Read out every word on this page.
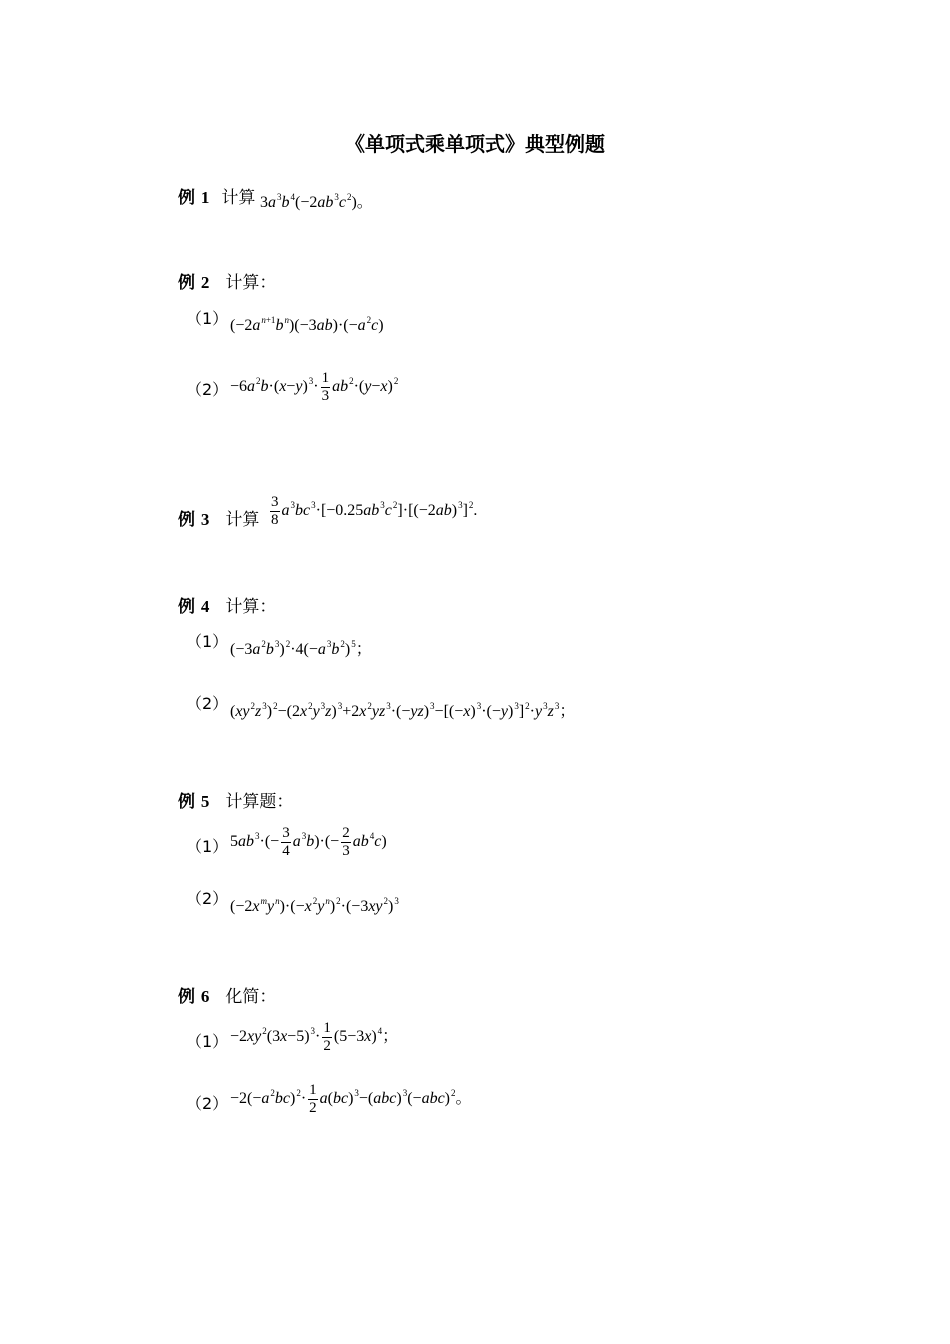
《单项式乘单项式》典型例题
例 1 计算 $3a^3b^4(-2ab^3c^2)$。
例 2 计算：
（1） $(-2a^{n+1}b^n)(-3ab)\cdot(-a^2c)$
$(2) -6a^2b\cdot(x-y)^3\cdot \frac{1}{3} ab^2\cdot(y-x)^2$
例 3 计算 $\frac{3}{8} a^3bc^3\cdot[-0.25ab^3c^2]\cdot[(-2ab)^3]^2$.
例 4 计算：
（1） $(-3a^2b^3)^2\cdot 4(-a^3b^2)^5$；
（2） $(xy^2z^3)^2-(2x^2y^3z)^3+2x^2yz^3\cdot(-yz)^3-[(-x)^3\cdot(-y)^3]^2\cdot y^3z^3$；
例 5 计算题：
（1） $5ab^3\cdot(- \frac{3}{4} a^3b)\cdot(- \frac{2}{3} ab^4c)$
（2） $(-2x^my^n)\cdot(-x^2y^n)^2\cdot(-3xy^2)^3$
例 6 化简：
$(1) -2xy^2(3x-5)^3\cdot \frac{1}{2} (5-3x)^4$；
$(2) -2(-a^2bc)^2\cdot \frac{1}{2} a(bc)^3-(abc)^3(-abc)^2$。
